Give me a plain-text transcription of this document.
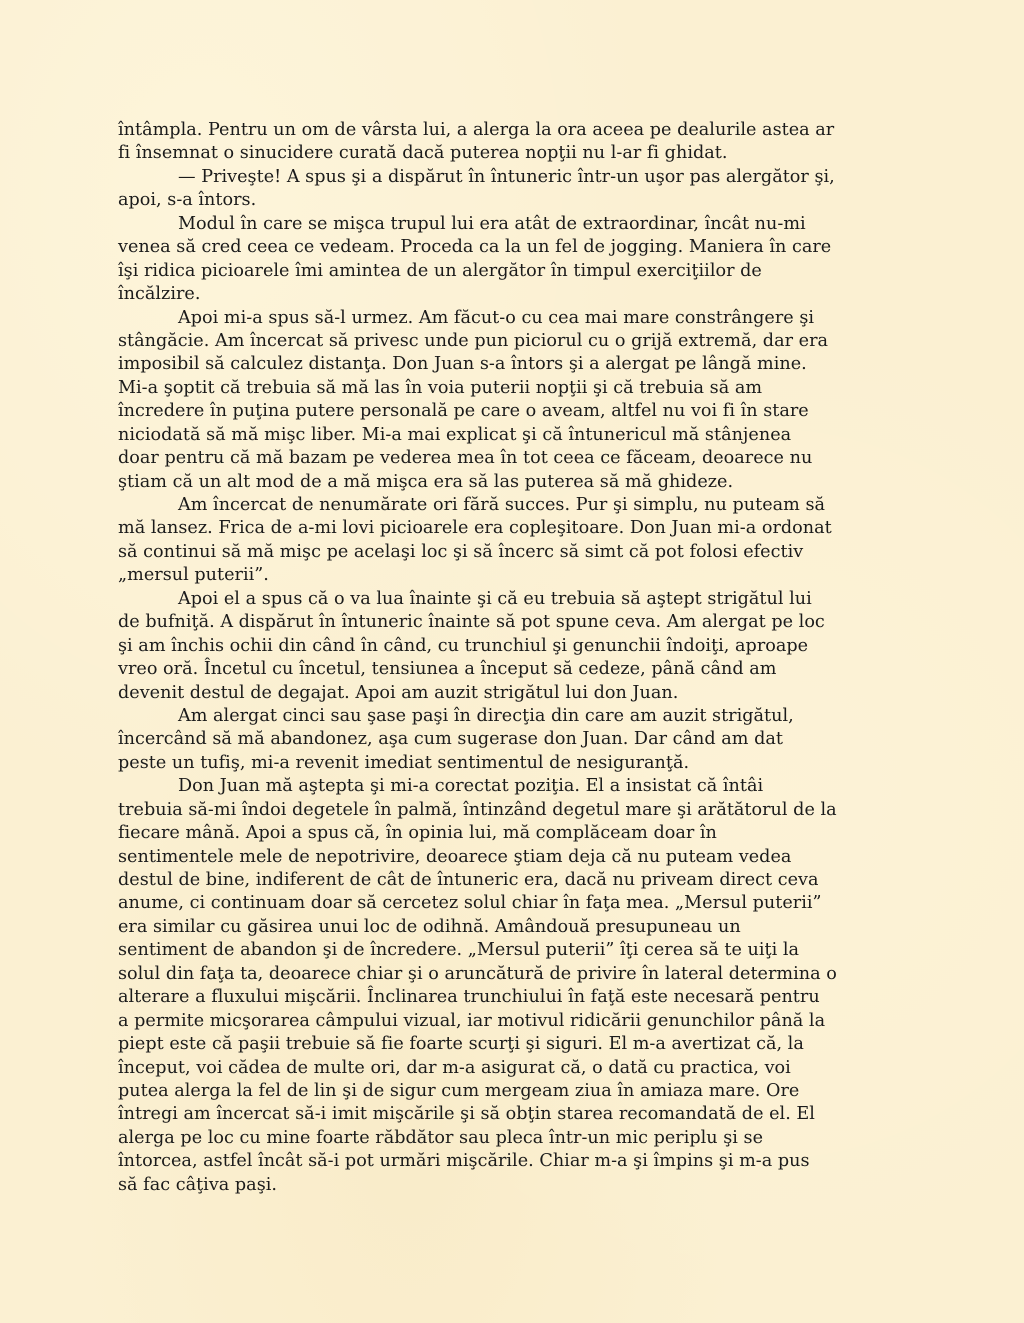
întâmpla. Pentru un om de vârsta lui, a alerga la ora aceea pe dealurile astea ar
fi însemnat o sinucidere curată dacă puterea nopţii nu l-ar fi ghidat.
— Priveşte! A spus şi a dispărut în întuneric într-un uşor pas alergător şi,
apoi, s-a întors.
Modul în care se mişca trupul lui era atât de extraordinar, încât nu-mi
venea să cred ceea ce vedeam. Proceda ca la un fel de jogging. Maniera în care
îşi ridica picioarele îmi amintea de un alergător în timpul exerciţiilor de
încălzire.
Apoi mi-a spus să-l urmez. Am făcut-o cu cea mai mare constrângere şi
stângăcie. Am încercat să privesc unde pun piciorul cu o grijă extremă, dar era
imposibil să calculez distanţa. Don Juan s-a întors şi a alergat pe lângă mine.
Mi-a şoptit că trebuia să mă las în voia puterii nopţii şi că trebuia să am
încredere în puţina putere personală pe care o aveam, altfel nu voi fi în stare
niciodată să mă mişc liber. Mi-a mai explicat şi că întunericul mă stânjenea
doar pentru că mă bazam pe vederea mea în tot ceea ce făceam, deoarece nu
ştiam că un alt mod de a mă mişca era să las puterea să mă ghideze.
Am încercat de nenumărate ori fără succes. Pur şi simplu, nu puteam să
mă lansez. Frica de a-mi lovi picioarele era copleşitoare. Don Juan mi-a ordonat
să continui să mă mişc pe acelaşi loc şi să încerc să simt că pot folosi efectiv
„mersul puterii”.
Apoi el a spus că o va lua înainte şi că eu trebuia să aştept strigătul lui
de bufniţă. A dispărut în întuneric înainte să pot spune ceva. Am alergat pe loc
şi am închis ochii din când în când, cu trunchiul şi genunchii îndoiţi, aproape
vreo oră. Încetul cu încetul, tensiunea a început să cedeze, până când am
devenit destul de degajat. Apoi am auzit strigătul lui don Juan.
Am alergat cinci sau şase paşi în direcţia din care am auzit strigătul,
încercând să mă abandonez, aşa cum sugerase don Juan. Dar când am dat
peste un tufiş, mi-a revenit imediat sentimentul de nesiguranţă.
Don Juan mă aştepta şi mi-a corectat poziţia. El a insistat că întâi
trebuia să-mi îndoi degetele în palmă, întinzând degetul mare şi arătătorul de la
fiecare mână. Apoi a spus că, în opinia lui, mă complăceam doar în
sentimentele mele de nepotrivire, deoarece ştiam deja că nu puteam vedea
destul de bine, indiferent de cât de întuneric era, dacă nu priveam direct ceva
anume, ci continuam doar să cercetez solul chiar în faţa mea. „Mersul puterii”
era similar cu găsirea unui loc de odihnă. Amândouă presupuneau un
sentiment de abandon şi de încredere. „Mersul puterii” îţi cerea să te uiţi la
solul din faţa ta, deoarece chiar şi o aruncătură de privire în lateral determina o
alterare a fluxului mişcării. Înclinarea trunchiului în faţă este necesară pentru
a permite micşorarea câmpului vizual, iar motivul ridicării genunchilor până la
piept este că paşii trebuie să fie foarte scurţi şi siguri. El m-a avertizat că, la
început, voi cădea de multe ori, dar m-a asigurat că, o dată cu practica, voi
putea alerga la fel de lin şi de sigur cum mergeam ziua în amiaza mare. Ore
întregi am încercat să-i imit mişcările şi să obţin starea recomandată de el. El
alerga pe loc cu mine foarte răbdător sau pleca într-un mic periplu şi se
întorcea, astfel încât să-i pot urmări mişcările. Chiar m-a şi împins şi m-a pus
să fac câţiva paşi.
